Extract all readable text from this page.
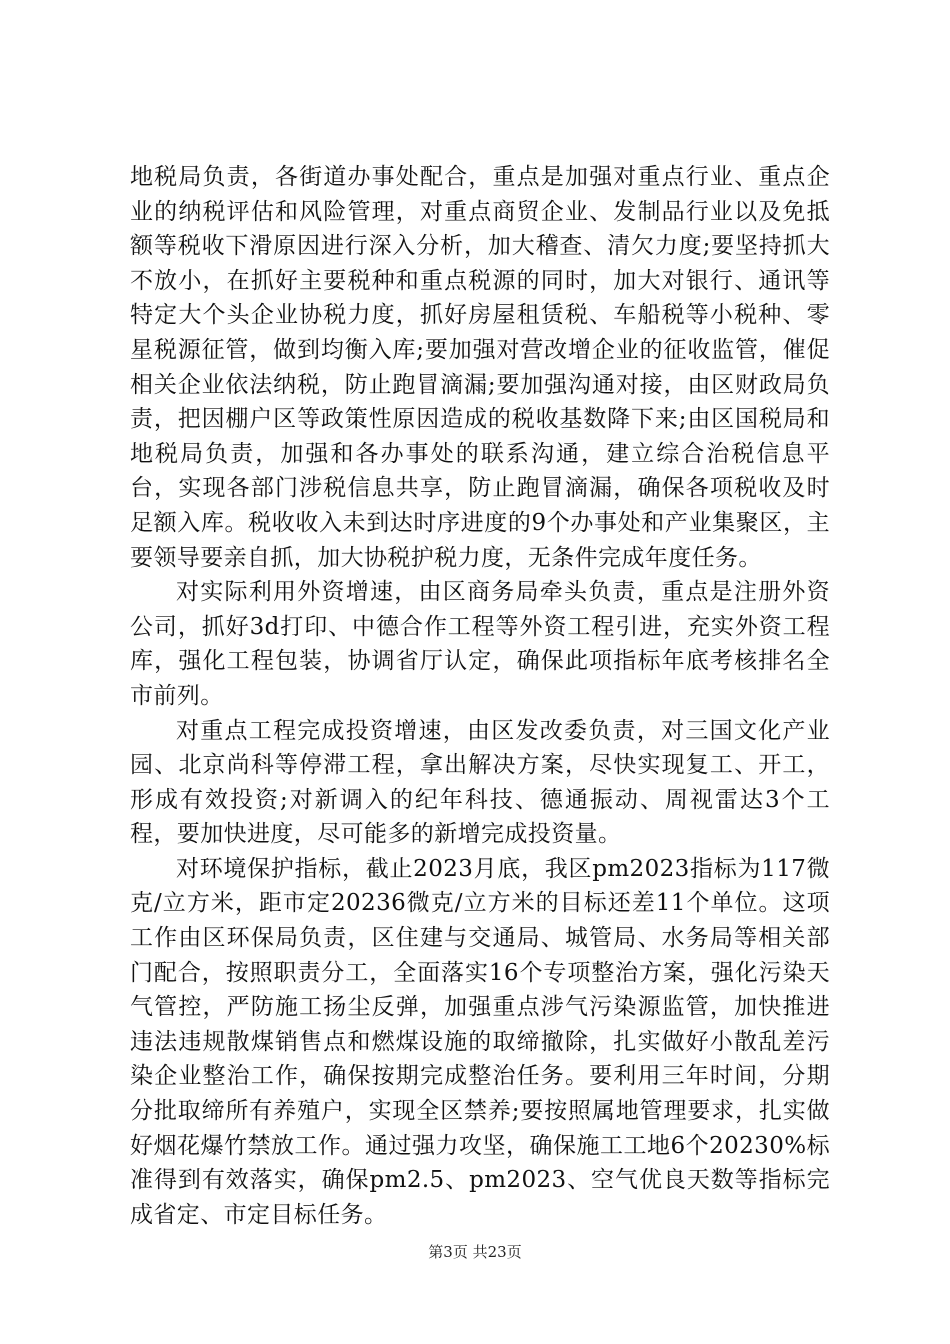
地税局负责，各街道办事处配合，重点是加强对重点行业、重点企业的纳税评估和风险管理，对重点商贸企业、发制品行业以及免抵额等税收下滑原因进行深入分析，加大稽查、清欠力度;要坚持抓大不放小，在抓好主要税种和重点税源的同时，加大对银行、通讯等特定大个头企业协税力度，抓好房屋租赁税、车船税等小税种、零星税源征管，做到均衡入库;要加强对营改增企业的征收监管，催促相关企业依法纳税，防止跑冒滴漏;要加强沟通对接，由区财政局负责，把因棚户区等政策性原因造成的税收基数降下来;由区国税局和地税局负责，加强和各办事处的联系沟通，建立综合治税信息平台，实现各部门涉税信息共享，防止跑冒滴漏，确保各项税收及时足额入库。税收收入未到达时序进度的9个办事处和产业集聚区，主要领导要亲自抓，加大协税护税力度，无条件完成年度任务。

对实际利用外资增速，由区商务局牵头负责，重点是注册外资公司，抓好3d打印、中德合作工程等外资工程引进，充实外资工程库，强化工程包装，协调省厅认定，确保此项指标年底考核排名全市前列。

对重点工程完成投资增速，由区发改委负责，对三国文化产业园、北京尚科等停滞工程，拿出解决方案，尽快实现复工、开工，形成有效投资;对新调入的纪年科技、德通振动、周视雷达3个工程，要加快进度，尽可能多的新增完成投资量。

对环境保护指标，截止2023月底，我区pm2023指标为117微克/立方米，距市定20236微克/立方米的目标还差11个单位。这项工作由区环保局负责，区住建与交通局、城管局、水务局等相关部门配合，按照职责分工，全面落实16个专项整治方案，强化污染天气管控，严防施工扬尘反弹，加强重点涉气污染源监管，加快推进违法违规散煤销售点和燃煤设施的取缔撤除，扎实做好小散乱差污染企业整治工作，确保按期完成整治任务。要利用三年时间，分期分批取缔所有养殖户，实现全区禁养;要按照属地管理要求，扎实做好烟花爆竹禁放工作。通过强力攻坚，确保施工工地6个20230%标准得到有效落实，确保pm2.5、pm2023、空气优良天数等指标完成省定、市定目标任务。

第3页 共23页
